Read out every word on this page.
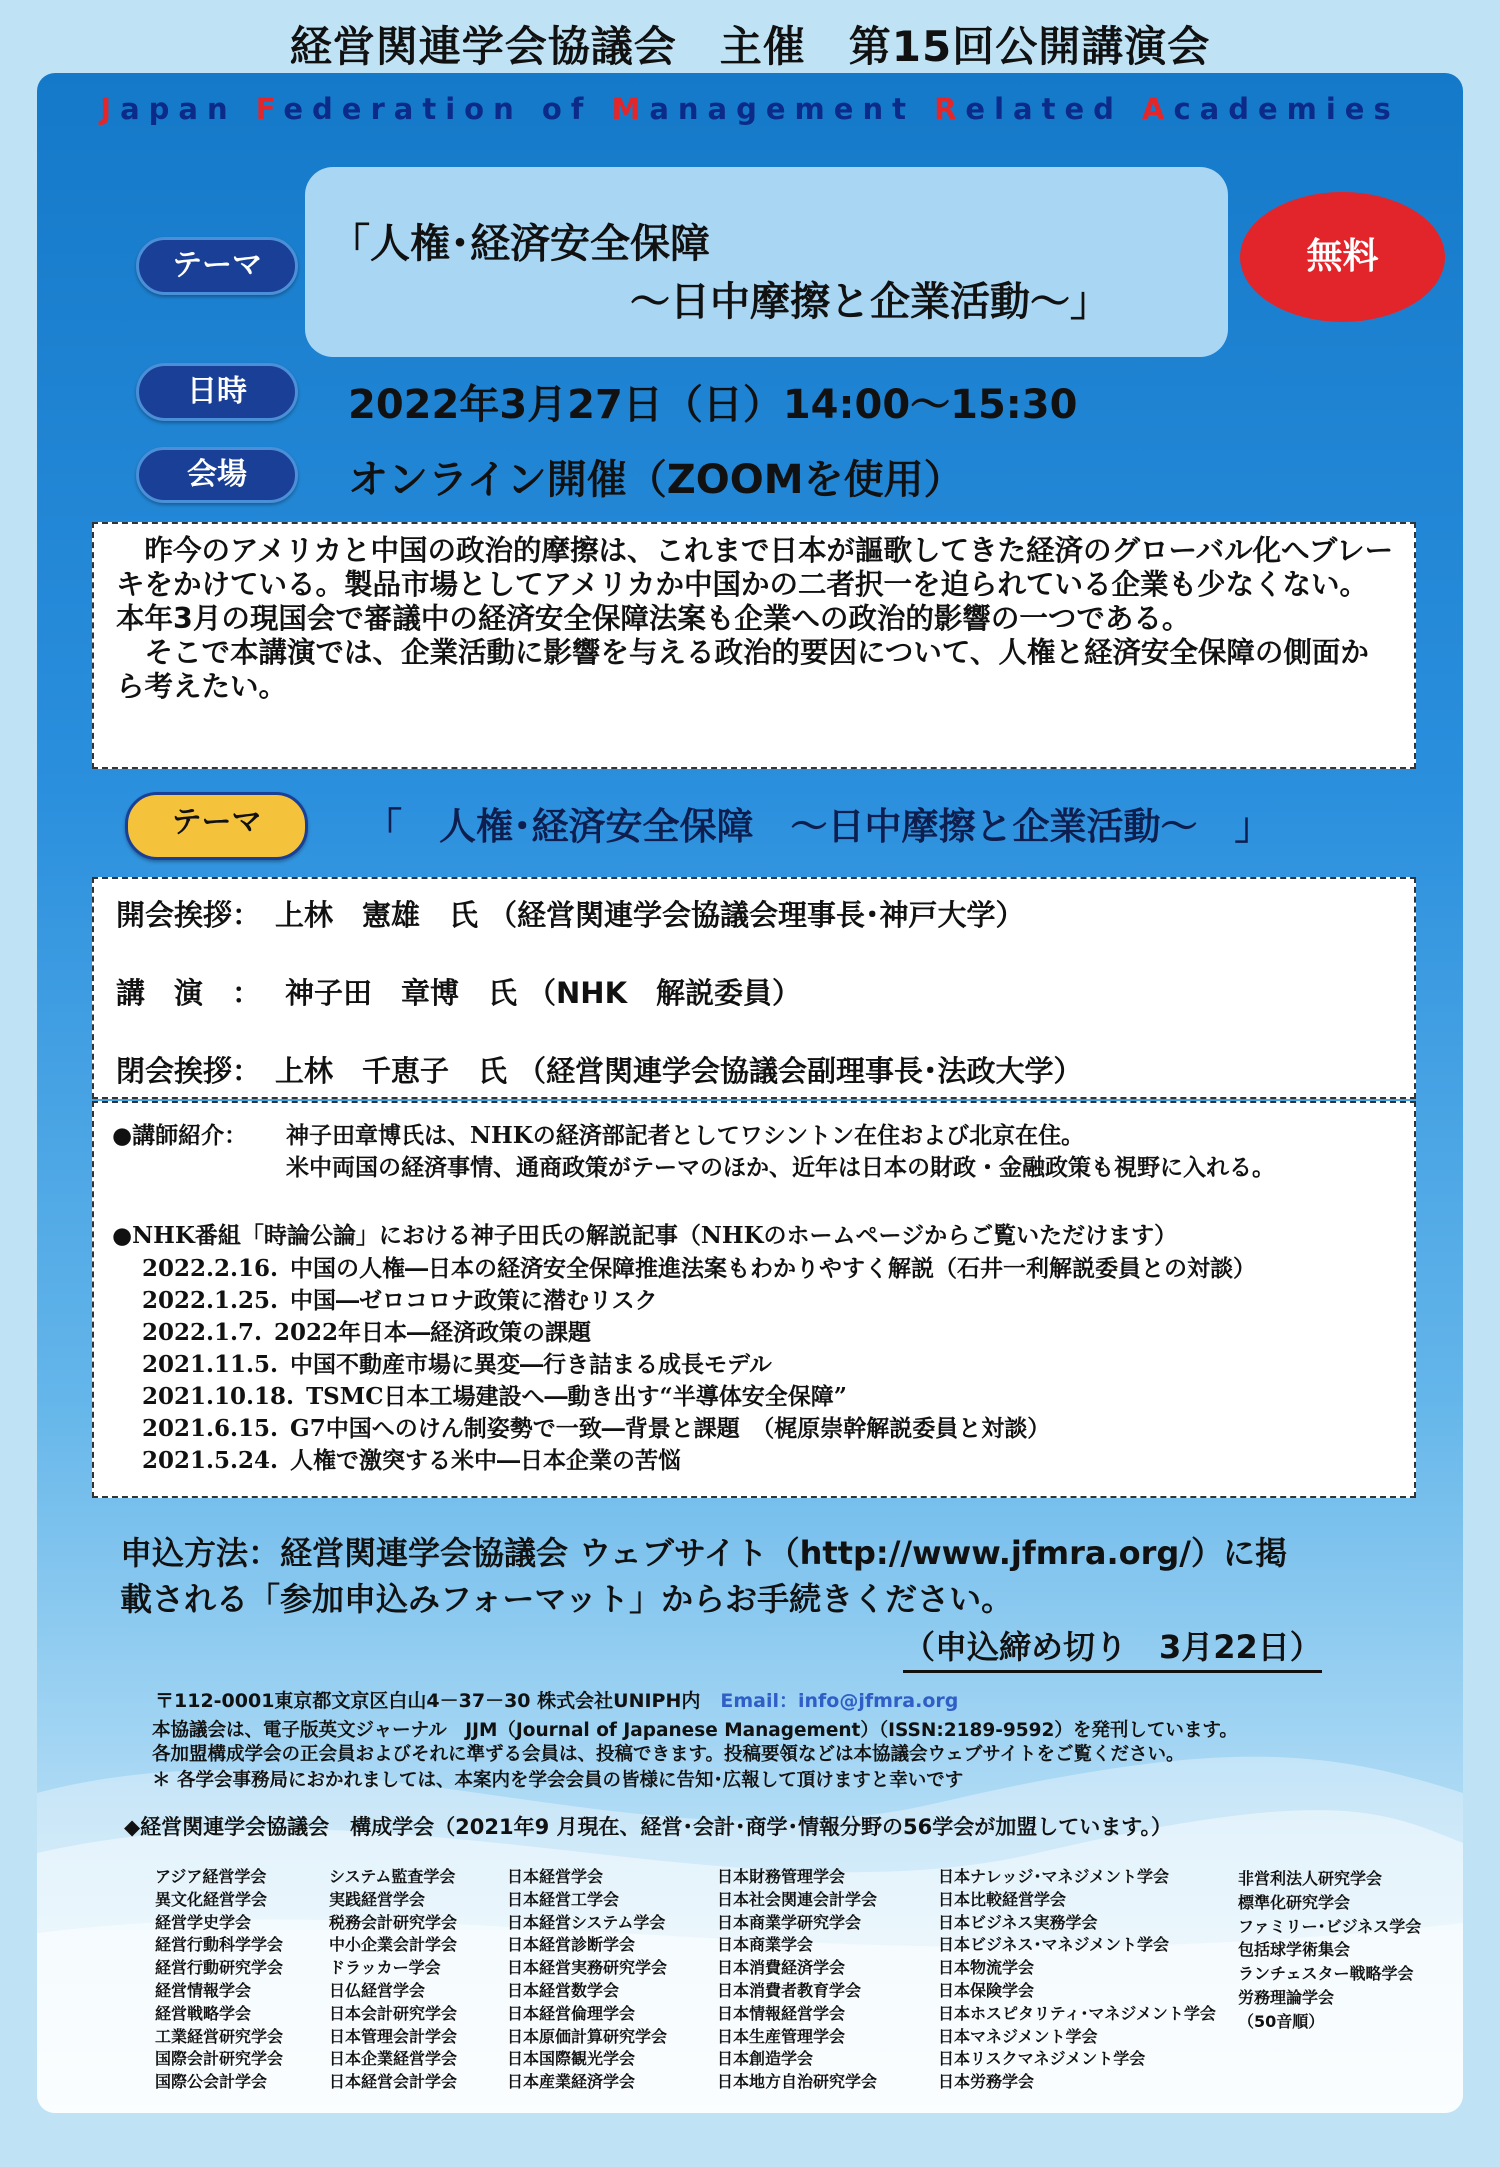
経営関連学会協議会　主催　第15回公開講演会
Japan Federation of Management Related Academies
テーマ	「人権･経済安全保障
～日中摩擦と企業活動～」
無料
日時	2022年3月27日（日）14:00～15:30
会場	オンライン開催（ZOOMを使用）

昨今のアメリカと中国の政治的摩擦は、これまで日本が謳歌してきた経済のグローバル化へブレーキをかけている。製品市場としてアメリカか中国かの二者択一を迫られている企業も少なくない。本年3月の現国会で審議中の経済安全保障法案も企業への政治的影響の一つである。

そこで本講演では、企業活動に影響を与える政治的要因について、人権と経済安全保障の側面から考えたい。

テーマ	「　人権･経済安全保障　～日中摩擦と企業活動～　」
開会挨拶： 上林　憲雄　氏 （経営関連学会協議会理事長･神戸大学）
講　演　： 神子田　章博　氏 （NHK　解説委員）
閉会挨拶： 上林　千恵子　氏 （経営関連学会協議会副理事長･法政大学）
●講師紹介： 神子田章博氏は、NHKの経済部記者としてワシントン在住および北京在住。
米中両国の経済事情、通商政策がテーマのほか、近年は日本の財政・金融政策も視野に入れる。
●NHK番組「時論公論」における神子田氏の解説記事（NHKのホームページからご覧いただけます）
2022.2.16. 中国の人権―日本の経済安全保障推進法案もわかりやすく解説（石井一利解説委員との対談）
2022.1.25. 中国―ゼロコロナ政策に潜むリスク
2022.1.7. 2022年日本―経済政策の課題
2021.11.5. 中国不動産市場に異変―行き詰まる成長モデル
2021.10.18. TSMC日本工場建設へ―動き出す“半導体安全保障”
2021.6.15. G7中国へのけん制姿勢で一致―背景と課題　（梶原崇幹解説委員と対談）
2021.5.24. 人権で激突する米中―日本企業の苦悩
申込方法：経営関連学会協議会 ウェブサイト（http://www.jfmra.org/）に掲
載される「参加申込みフォーマット」からお手続きください。
（申込締め切り　3月22日）
〒112-0001東京都文京区白山4－37－30 株式会社UNIPH内 Email：info@jfmra.org
本協議会は、電子版英文ジャーナル　JJM（Journal of Japanese Management）（ISSN:2189-9592）を発刊しています。
各加盟構成学会の正会員およびそれに準ずる会員は、投稿できます。投稿要領などは本協議会ウェブサイトをご覧ください。
＊ 各学会事務局におかれましては、本案内を学会会員の皆様に告知･広報して頂けますと幸いです
◆経営関連学会協議会　構成学会（2021年9 月現在、経営･会計･商学･情報分野の56学会が加盟しています。）
アジア経営学会
異文化経営学会
経営学史学会
経営行動科学学会
経営行動研究学会
経営情報学会
経営戦略学会
工業経営研究学会
国際会計研究学会
国際公会計学会
システム監査学会
実践経営学会
税務会計研究学会
中小企業会計学会
ドラッカー学会
日仏経営学会
日本会計研究学会
日本管理会計学会
日本企業経営学会
日本経営会計学会
日本経営学会
日本経営工学会
日本経営システム学会
日本経営診断学会
日本経営実務研究学会
日本経営数学会
日本経営倫理学会
日本原価計算研究学会
日本国際観光学会
日本産業経済学会
日本財務管理学会
日本社会関連会計学会
日本商業学研究学会
日本商業学会
日本消費経済学会
日本消費者教育学会
日本情報経営学会
日本生産管理学会
日本創造学会
日本地方自治研究学会
日本ナレッジ･マネジメント学会
日本比較経営学会
日本ビジネス実務学会
日本ビジネス･マネジメント学会
日本物流学会
日本保険学会
日本ホスピタリティ･マネジメント学会
日本マネジメント学会
日本リスクマネジメント学会
日本労務学会
非営利法人研究学会
標準化研究学会
ファミリー･ビジネス学会
包括球学術集会
ランチェスター戦略学会
労務理論学会
（50音順）
